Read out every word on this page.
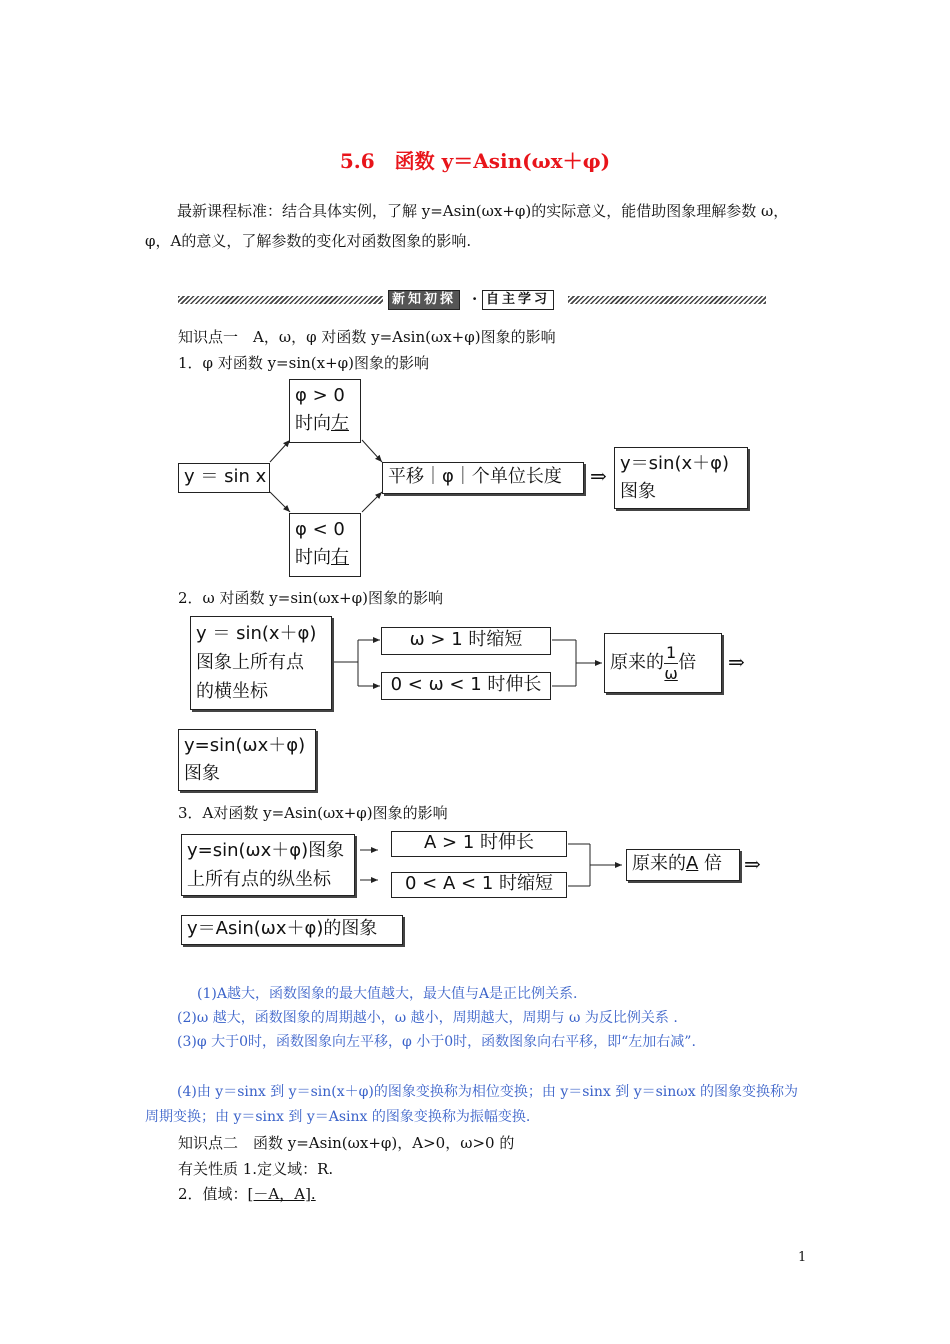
5.6　函数 y＝Asin(ωx＋φ)
最新课程标准：结合具体实例，了解 y=Asin(ωx+φ)的实际意义，能借助图象理解参数 ω，φ，A的意义，了解参数的变化对函数图象的影响.
新知初探 · 自主学习
知识点一　A，ω，φ 对函数 y=Asin(ωx+φ)图象的影响
1．φ 对函数 y=sin(x+φ)图象的影响
y ＝ sin x
φ > 0
时向左
φ < 0
时向右
平移｜φ｜个单位长度	⇒
y＝sin(x＋φ)
图象
2．ω 对函数 y=sin(ωx+φ)图象的影响
y ＝ sin(x＋φ)
图象上所有点
的横坐标
ω > 1 时缩短
0 < ω < 1 时伸长
原来的 $\frac{1}{\omega}$ 倍	⇒
y=sin(ωx＋φ)
图象
3．A对函数 y=Asin(ωx+φ)图象的影响
y=sin(ωx＋φ)图象
上所有点的纵坐标
A > 1 时伸长
0 < A < 1 时缩短
原来的A 倍	⇒
y＝Asin(ωx＋φ)的图象
(1)A越大，函数图象的最大值越大，最大值与A是正比例关系.
(2)ω 越大，函数图象的周期越小，ω 越小，周期越大，周期与 ω 为反比例关系 .
(3)φ 大于0时，函数图象向左平移，φ 小于0时，函数图象向右平移，即“左加右减”.
(4)由 y＝sinx 到 y＝sin(x＋φ)的图象变换称为相位变换；由 y＝sinx 到 y＝sinωx 的图象变换称为周期变换；由 y＝sinx 到 y＝Asinx 的图象变换称为振幅变换.
知识点二　函数 y=Asin(ωx+φ)，A>0，ω>0 的
有关性质 1.定义域：R.
2．值域：[－A，A].
1
